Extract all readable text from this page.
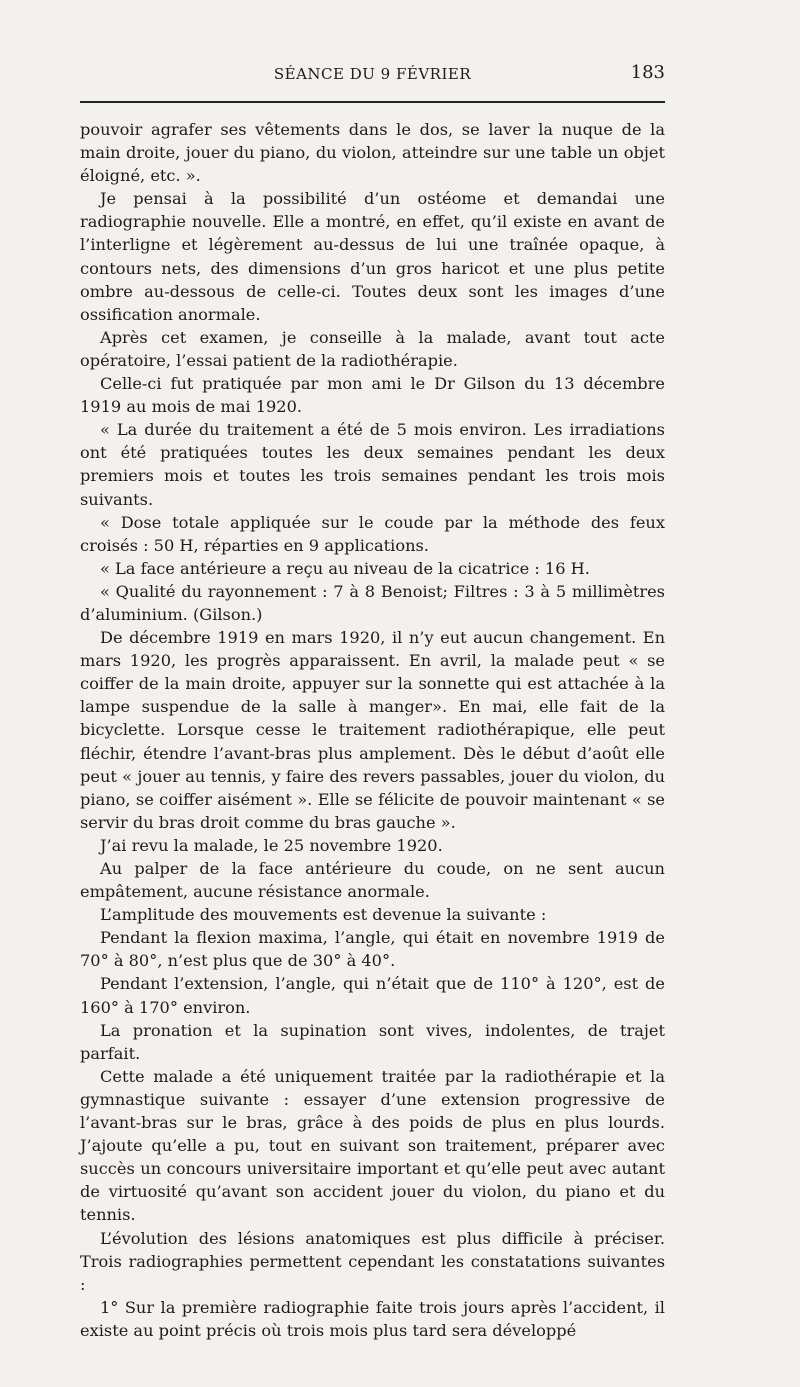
SÉANCE DU 9 FÉVRIER	183

pouvoir agrafer ses vêtements dans le dos, se laver la nuque de la main droite, jouer du piano, du violon, atteindre sur une table un objet éloigné, etc. ».

Je pensai à la possibilité d’un ostéome et demandai une radiographie nouvelle. Elle a montré, en effet, qu’il existe en avant de l’interligne et légèrement au-dessus de lui une traînée opaque, à contours nets, des dimensions d’un gros haricot et une plus petite ombre au-dessous de celle-ci. Toutes deux sont les images d’une ossification anormale.

Après cet examen, je conseille à la malade, avant tout acte opératoire, l’essai patient de la radiothérapie.

Celle-ci fut pratiquée par mon ami le Dr Gilson du 13 décembre 1919 au mois de mai 1920.

« La durée du traitement a été de 5 mois environ. Les irradiations ont été pratiquées toutes les deux semaines pendant les deux premiers mois et toutes les trois semaines pendant les trois mois suivants.

« Dose totale appliquée sur le coude par la méthode des feux croisés : 50 H, réparties en 9 applications.

« La face antérieure a reçu au niveau de la cicatrice : 16 H.

« Qualité du rayonnement : 7 à 8 Benoist; Filtres : 3 à 5 millimètres d’aluminium. (Gilson.)

De décembre 1919 en mars 1920, il n’y eut aucun changement. En mars 1920, les progrès apparaissent. En avril, la malade peut « se coiffer de la main droite, appuyer sur la sonnette qui est attachée à la lampe suspendue de la salle à manger». En mai, elle fait de la bicyclette. Lorsque cesse le traitement radiothérapique, elle peut fléchir, étendre l’avant-bras plus amplement. Dès le début d’août elle peut « jouer au tennis, y faire des revers passables, jouer du violon, du piano, se coiffer aisément ». Elle se félicite de pouvoir maintenant « se servir du bras droit comme du bras gauche ».

J’ai revu la malade, le 25 novembre 1920.

Au palper de la face antérieure du coude, on ne sent aucun empâtement, aucune résistance anormale.

L’amplitude des mouvements est devenue la suivante :

Pendant la flexion maxima, l’angle, qui était en novembre 1919 de 70° à 80°, n’est plus que de 30° à 40°.

Pendant l’extension, l’angle, qui n’était que de 110° à 120°, est de 160° à 170° environ.

La pronation et la supination sont vives, indolentes, de trajet parfait.

Cette malade a été uniquement traitée par la radiothérapie et la gymnastique suivante : essayer d’une extension progressive de l’avant-bras sur le bras, grâce à des poids de plus en plus lourds. J’ajoute qu’elle a pu, tout en suivant son traitement, préparer avec succès un concours universitaire important et qu’elle peut avec autant de virtuosité qu’avant son accident jouer du violon, du piano et du tennis.

L’évolution des lésions anatomiques est plus difficile à préciser. Trois radiographies permettent cependant les constatations suivantes :

1° Sur la première radiographie faite trois jours après l’accident, il existe au point précis où trois mois plus tard sera développé
